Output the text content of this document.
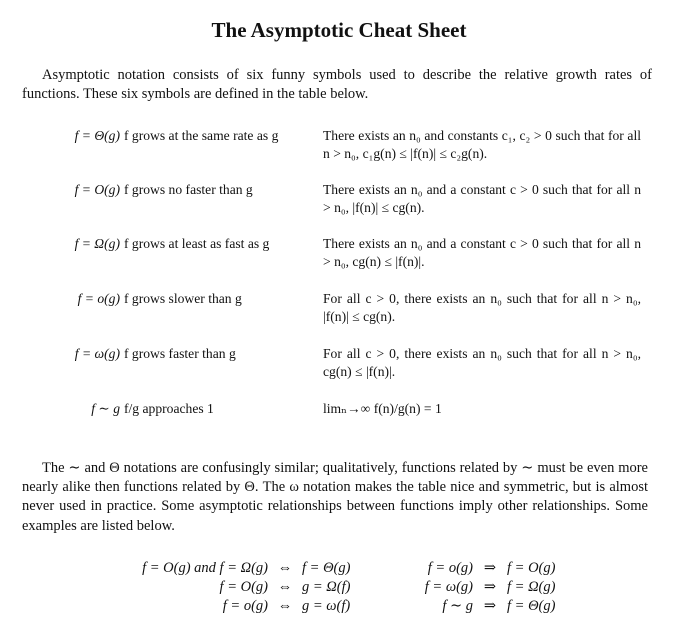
The Asymptotic Cheat Sheet

Asymptotic notation consists of six funny symbols used to describe the relative growth rates of functions. These six symbols are defined in the table below.

f = Θ(g) f grows at the same rate as g	There exists an n₀ and constants c₁, c₂ > 0 such that for all n > n₀, c₁g(n) ≤ |f(n)| ≤ c₂g(n).
f = O(g) f grows no faster than g	There exists an n₀ and a constant c > 0 such that for all n > n₀, |f(n)| ≤ cg(n).
f = Ω(g) f grows at least as fast as g	There exists an n₀ and a constant c > 0 such that for all n > n₀, cg(n) ≤ |f(n)|.
f = o(g) f grows slower than g	For all c > 0, there exists an n₀ such that for all n > n₀, |f(n)| ≤ cg(n).
f = ω(g) f grows faster than g	For all c > 0, there exists an n₀ such that for all n > n₀, cg(n) ≤ |f(n)|.
f ∼ g f/g approaches 1	limₙ→∞ f(n)/g(n) = 1

The ∼ and Θ notations are confusingly similar; qualitatively, functions related by ∼ must be even more nearly alike then functions related by Θ. The ω notation makes the table nice and symmetric, but is almost never used in practice. Some asymptotic relationships between functions imply other relationships. Some examples are listed below.

f = O(g) and f = Ω(g) ⇔ f = Θ(g)
f = O(g) ⇔ g = Ω(f)
f = o(g) ⇔ g = ω(f)
f = o(g) ⇒ f = O(g)
f = ω(g) ⇒ f = Ω(g)
f ∼ g ⇒ f = Θ(g)
